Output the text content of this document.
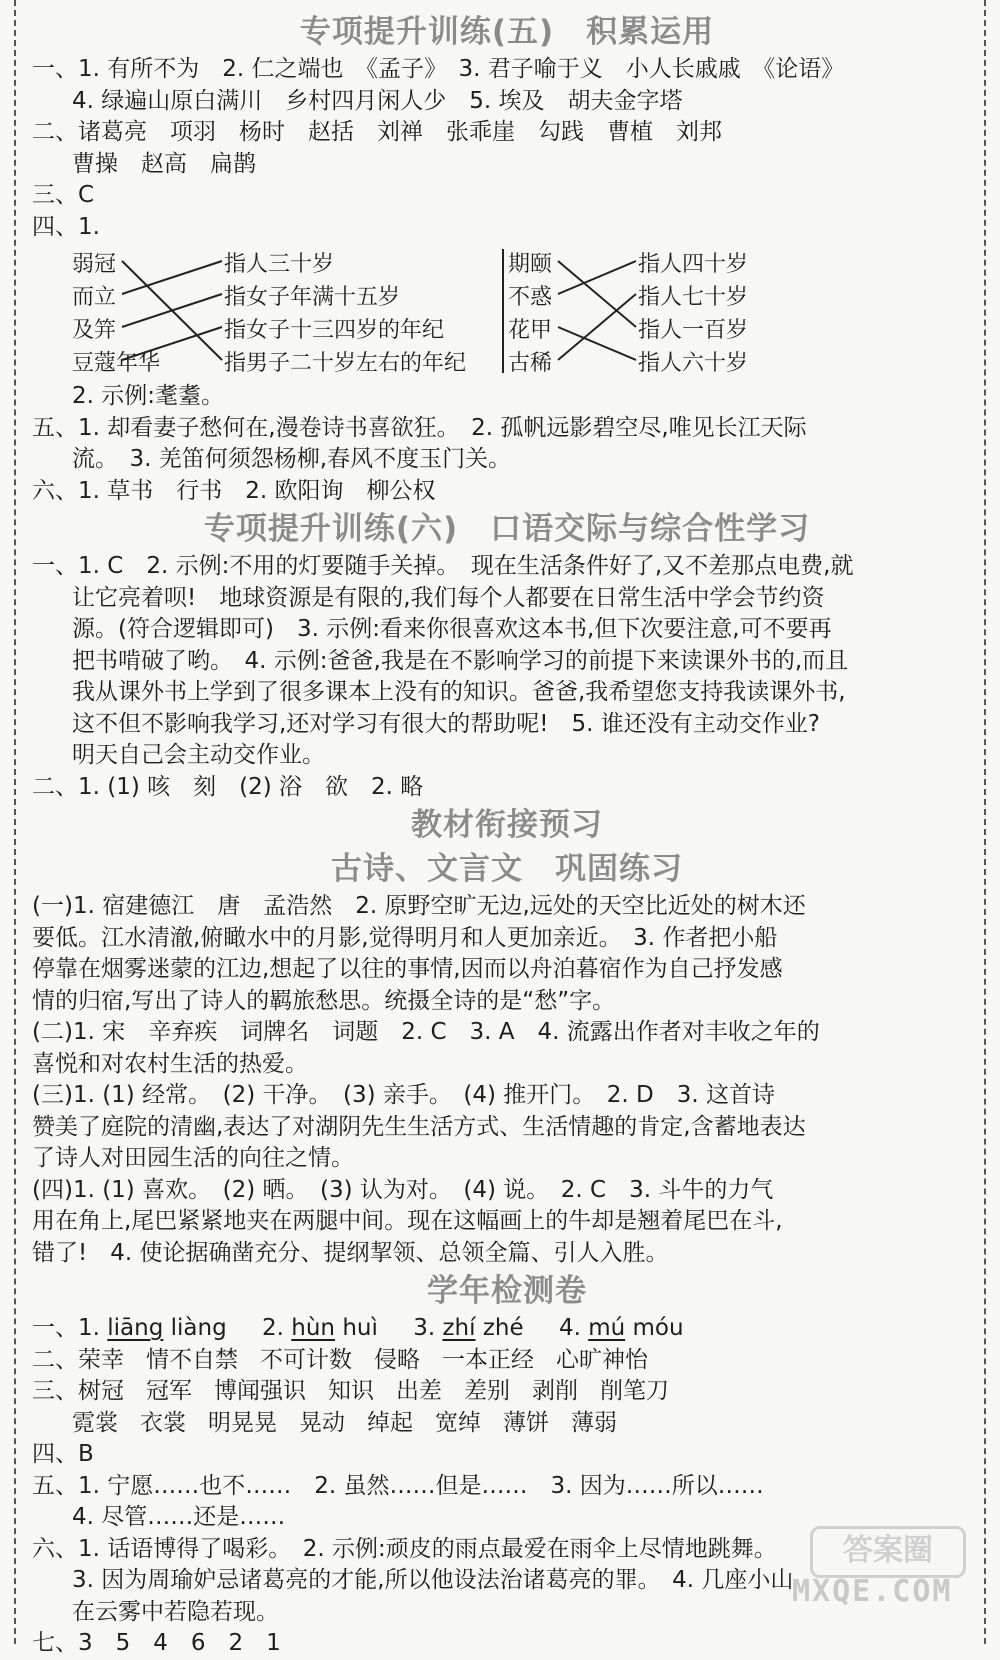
专项提升训练(五)　积累运用
一、1. 有所不为　2. 仁之端也　《孟子》　3. 君子喻于义　小人长戚戚　《论语》
4. 绿遍山原白满川　乡村四月闲人少　5. 埃及　胡夫金字塔
二、诸葛亮　项羽　杨时　赵括　刘禅　张乖崖　勾践　曹植　刘邦
曹操　赵高　扁鹊
三、C
四、1.
弱冠
而立
及笄
豆蔻年华
指人三十岁
指女子年满十五岁
指女子十三四岁的年纪
指男子二十岁左右的年纪
期颐
不惑
花甲
古稀
指人四十岁
指人七十岁
指人一百岁
指人六十岁
2. 示例:耄耋。
五、1. 却看妻子愁何在,漫卷诗书喜欲狂。　2. 孤帆远影碧空尽,唯见长江天际
流。　3. 羌笛何须怨杨柳,春风不度玉门关。
六、1. 草书　行书　2. 欧阳询　柳公权
专项提升训练(六)　口语交际与综合性学习
一、1. C　2. 示例:不用的灯要随手关掉。　现在生活条件好了,又不差那点电费,就
让它亮着呗!　地球资源是有限的,我们每个人都要在日常生活中学会节约资
源。(符合逻辑即可)　3. 示例:看来你很喜欢这本书,但下次要注意,可不要再
把书啃破了哟。　4. 示例:爸爸,我是在不影响学习的前提下来读课外书的,而且
我从课外书上学到了很多课本上没有的知识。爸爸,我希望您支持我读课外书,
这不但不影响我学习,还对学习有很大的帮助呢!　5. 谁还没有主动交作业?
明天自己会主动交作业。
二、1. (1) 咳　刻　(2) 浴　欲　2. 略
教材衔接预习
古诗、文言文　巩固练习
(一)1. 宿建德江　唐　孟浩然　2. 原野空旷无边,远处的天空比近处的树木还
要低。江水清澈,俯瞰水中的月影,觉得明月和人更加亲近。　3. 作者把小船
停靠在烟雾迷蒙的江边,想起了以往的事情,因而以舟泊暮宿作为自己抒发感
情的归宿,写出了诗人的羁旅愁思。统摄全诗的是“愁”字。
(二)1. 宋　辛弃疾　词牌名　词题　2. C　3. A　4. 流露出作者对丰收之年的
喜悦和对农村生活的热爱。
(三)1. (1) 经常。　(2) 干净。　(3) 亲手。　(4) 推开门。　2. D　3. 这首诗
赞美了庭院的清幽,表达了对湖阴先生生活方式、生活情趣的肯定,含蓄地表达
了诗人对田园生活的向往之情。
(四)1. (1) 喜欢。　(2) 晒。　(3) 认为对。　(4) 说。　2. C　3. 斗牛的力气
用在角上,尾巴紧紧地夹在两腿中间。现在这幅画上的牛却是翘着尾巴在斗,
错了!　4. 使论据确凿充分、提纲挈领、总领全篇、引人入胜。
学年检测卷
一、1. liāng liàng 2. hùn huì 3. zhí zhé 4. mú móu
二、荣幸 情不自禁 不可计数 侵略 一本正经 心旷神怡
三、树冠 冠军 博闻强识 知识 出差 差别 剥削 削笔刀
霓裳 衣裳 明晃晃 晃动 绰起 宽绰 薄饼 薄弱
四、B
五、1. 宁愿……也不……　2. 虽然……但是……　3. 因为……所以……
4. 尽管……还是……
六、1. 话语博得了喝彩。　2. 示例:顽皮的雨点最爱在雨伞上尽情地跳舞。
3. 因为周瑜妒忌诸葛亮的才能,所以他设法治诸葛亮的罪。　4. 几座小山
在云雾中若隐若现。
七、3　5　4　6　2　1
答案圈
MXQE.COM
